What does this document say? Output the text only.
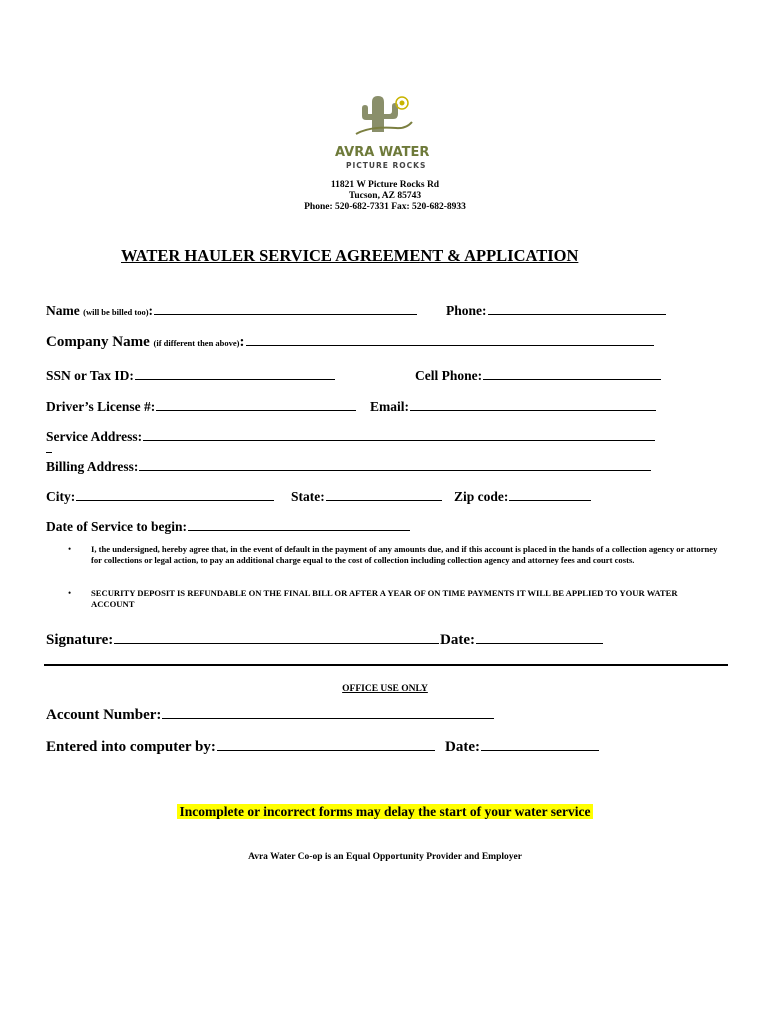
AVRA WATER
PICTURE ROCKS
11821 W Picture Rocks Rd
Tucson, AZ 85743
Phone: 520-682-7331 Fax: 520-682-8933
WATER HAULER SERVICE AGREEMENT & APPLICATION
Name (will be billed too):	Phone:
Company Name (if different then above):
SSN or Tax ID:	Cell Phone:
Driver’s License #:	Email:
Service Address:
Billing Address:
City:	State:	Zip code:
Date of Service to begin:
• I, the undersigned, hereby agree that, in the event of default in the payment of any amounts due, and if this account is placed in the hands of a collection agency or attorney for collections or legal action, to pay an additional charge equal to the cost of collection including collection agency and attorney fees and court costs.
• SECURITY DEPOSIT IS REFUNDABLE ON THE FINAL BILL OR AFTER A YEAR OF ON TIME PAYMENTS IT WILL BE APPLIED TO YOUR WATER ACCOUNT
Signature:	Date:
OFFICE USE ONLY
Account Number:
Entered into computer by:	Date:
Incomplete or incorrect forms may delay the start of your water service
Avra Water Co-op is an Equal Opportunity Provider and Employer
